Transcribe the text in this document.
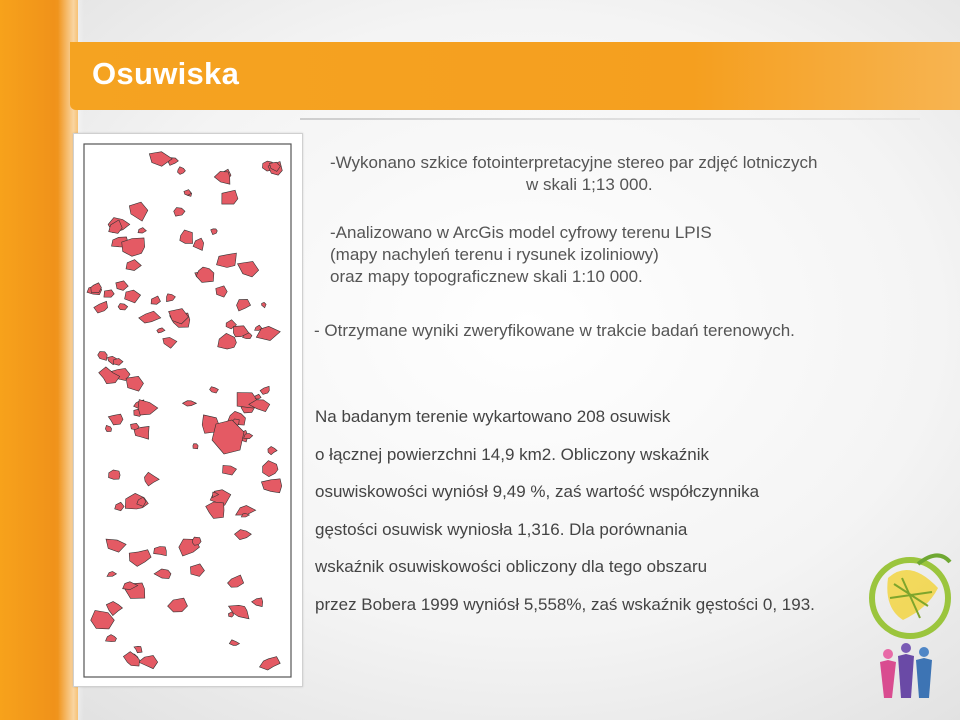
Osuwiska
-Wykonano szkice fotointerpretacyjne stereo par zdjęć lotniczych
w skali 1;13 000.
-Analizowano w ArcGis model cyfrowy terenu LPIS
(mapy nachyleń terenu i rysunek izoliniowy)
oraz mapy topograficznew skali 1:10 000.
- Otrzymane wyniki zweryfikowane w trakcie badań terenowych.
Na badanym terenie wykartowano 208 osuwisk
o łącznej powierzchni 14,9 km2. Obliczony wskaźnik
osuwiskowości wyniósł 9,49 %, zaś wartość współczynnika
gęstości osuwisk wyniosła 1,316. Dla porównania
wskaźnik osuwiskowości obliczony dla tego obszaru
przez Bobera 1999 wyniósł 5,558%, zaś wskaźnik gęstości 0, 193.
